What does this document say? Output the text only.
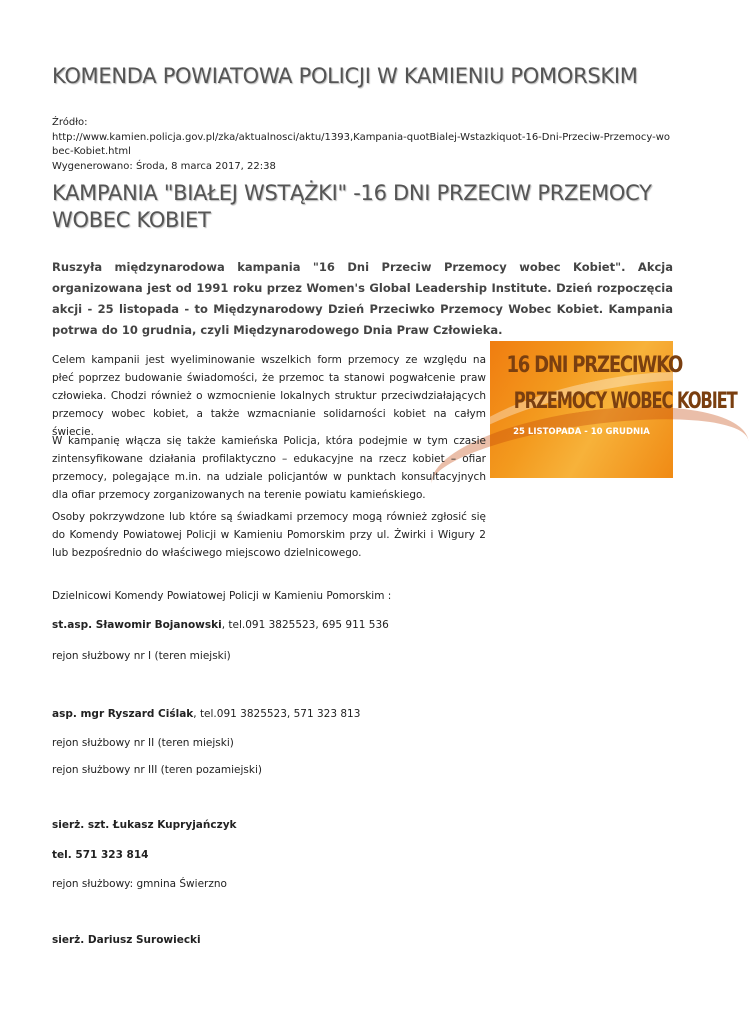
KOMENDA POWIATOWA POLICJI W KAMIENIU POMORSKIM
Źródło:
http://www.kamien.policja.gov.pl/zka/aktualnosci/aktu/1393,Kampania-quotBialej-Wstazkiquot-16-Dni-Przeciw-Przemocy-wobec-Kobiet.html
Wygenerowano: Środa, 8 marca 2017, 22:38
KAMPANIA "BIAŁEJ WSTĄŻKI" -16 DNI PRZECIW PRZEMOCY WOBEC KOBIET

Ruszyła międzynarodowa kampania "16 Dni Przeciw Przemocy wobec Kobiet". Akcja organizowana jest od 1991 roku przez Women's Global Leadership Institute. Dzień rozpoczęcia akcji - 25 listopada - to Międzynarodowy Dzień Przeciwko Przemocy Wobec Kobiet. Kampania potrwa do 10 grudnia, czyli Międzynarodowego Dnia Praw Człowieka.

16 DNI PRZECIWKO
PRZEMOCY WOBEC KOBIET
25 LISTOPADA - 10 GRUDNIA

Celem kampanii jest wyeliminowanie wszelkich form przemocy ze względu na płeć poprzez budowanie świadomości, że przemoc ta stanowi pogwałcenie praw człowieka. Chodzi również o wzmocnienie lokalnych struktur przeciwdziałających przemocy wobec kobiet, a także wzmacnianie solidarności kobiet na całym świecie.

W kampanię włącza się także kamieńska Policja, która podejmie w tym czasie zintensyfikowane działania profilaktyczno – edukacyjne na rzecz kobiet – ofiar przemocy, polegające m.in. na udziale policjantów w punktach konsultacyjnych dla ofiar przemocy zorganizowanych na terenie powiatu kamieńskiego.

Osoby pokrzywdzone lub które są świadkami przemocy mogą również zgłosić się do Komendy Powiatowej Policji w Kamieniu Pomorskim przy ul. Żwirki i Wigury 2 lub bezpośrednio do właściwego miejscowo dzielnicowego.

Dzielnicowi Komendy Powiatowej Policji w Kamieniu Pomorskim :

st.asp. Sławomir Bojanowski, tel.091 3825523, 695 911 536

rejon służbowy nr I (teren miejski)

asp. mgr Ryszard Ciślak, tel.091 3825523, 571 323 813

rejon służbowy nr II (teren miejski)

rejon służbowy nr III (teren pozamiejski)

sierż. szt. Łukasz Kupryjańczyk

tel. 571 323 814

rejon służbowy: gmnina Świerzno

sierż. Dariusz Surowiecki
